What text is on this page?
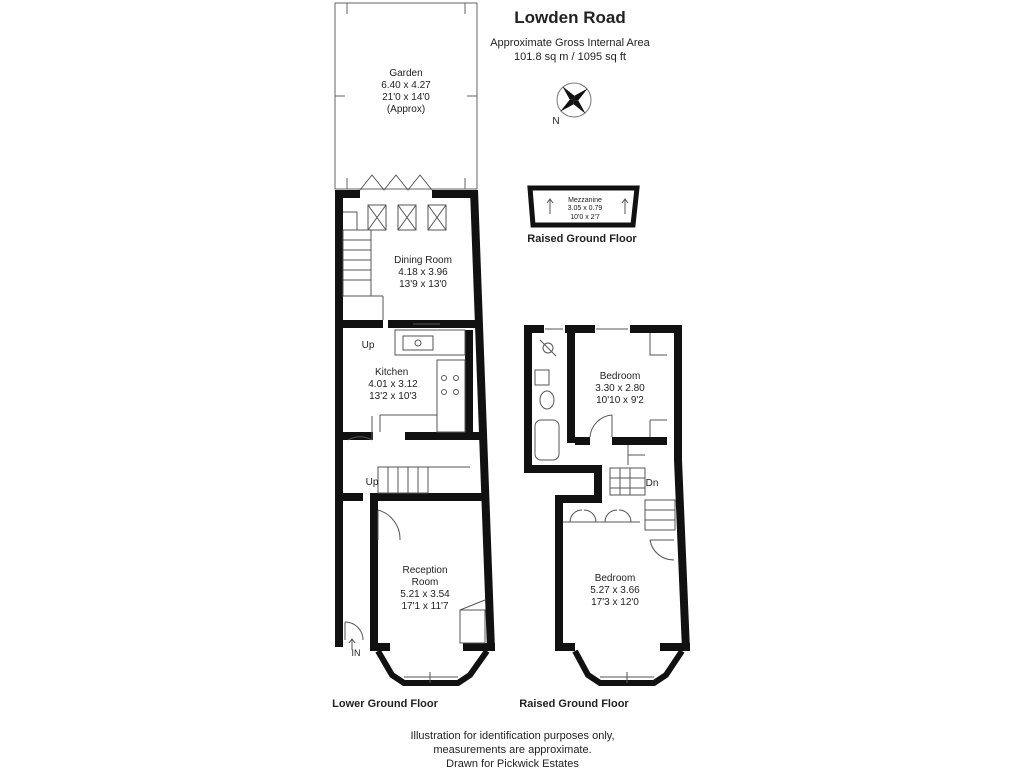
Lowden Road
Approximate Gross Internal Area
101.8 sq m / 1095 sq ft
N
Garden
6.40 x 4.27
21'0 x 14'0
(Approx)
Dining Room
4.18 x 3.96
13'9 x 13'0
Kitchen
4.01 x 3.12
13'2 x 10'3
Up
Up
IN
Reception
Room
5.21 x 3.54
17'1 x 11'7
Mezzanine
3.05 x 0.79
10'0 x 2'7
Raised Ground Floor
Bedroom
3.30 x 2.80
10'10 x 9'2
Dn
Bedroom
5.27 x 3.66
17'3 x 12'0
Lower Ground Floor	Raised Ground Floor
Illustration for identification purposes only,
measurements are approximate.
Drawn for Pickwick Estates
